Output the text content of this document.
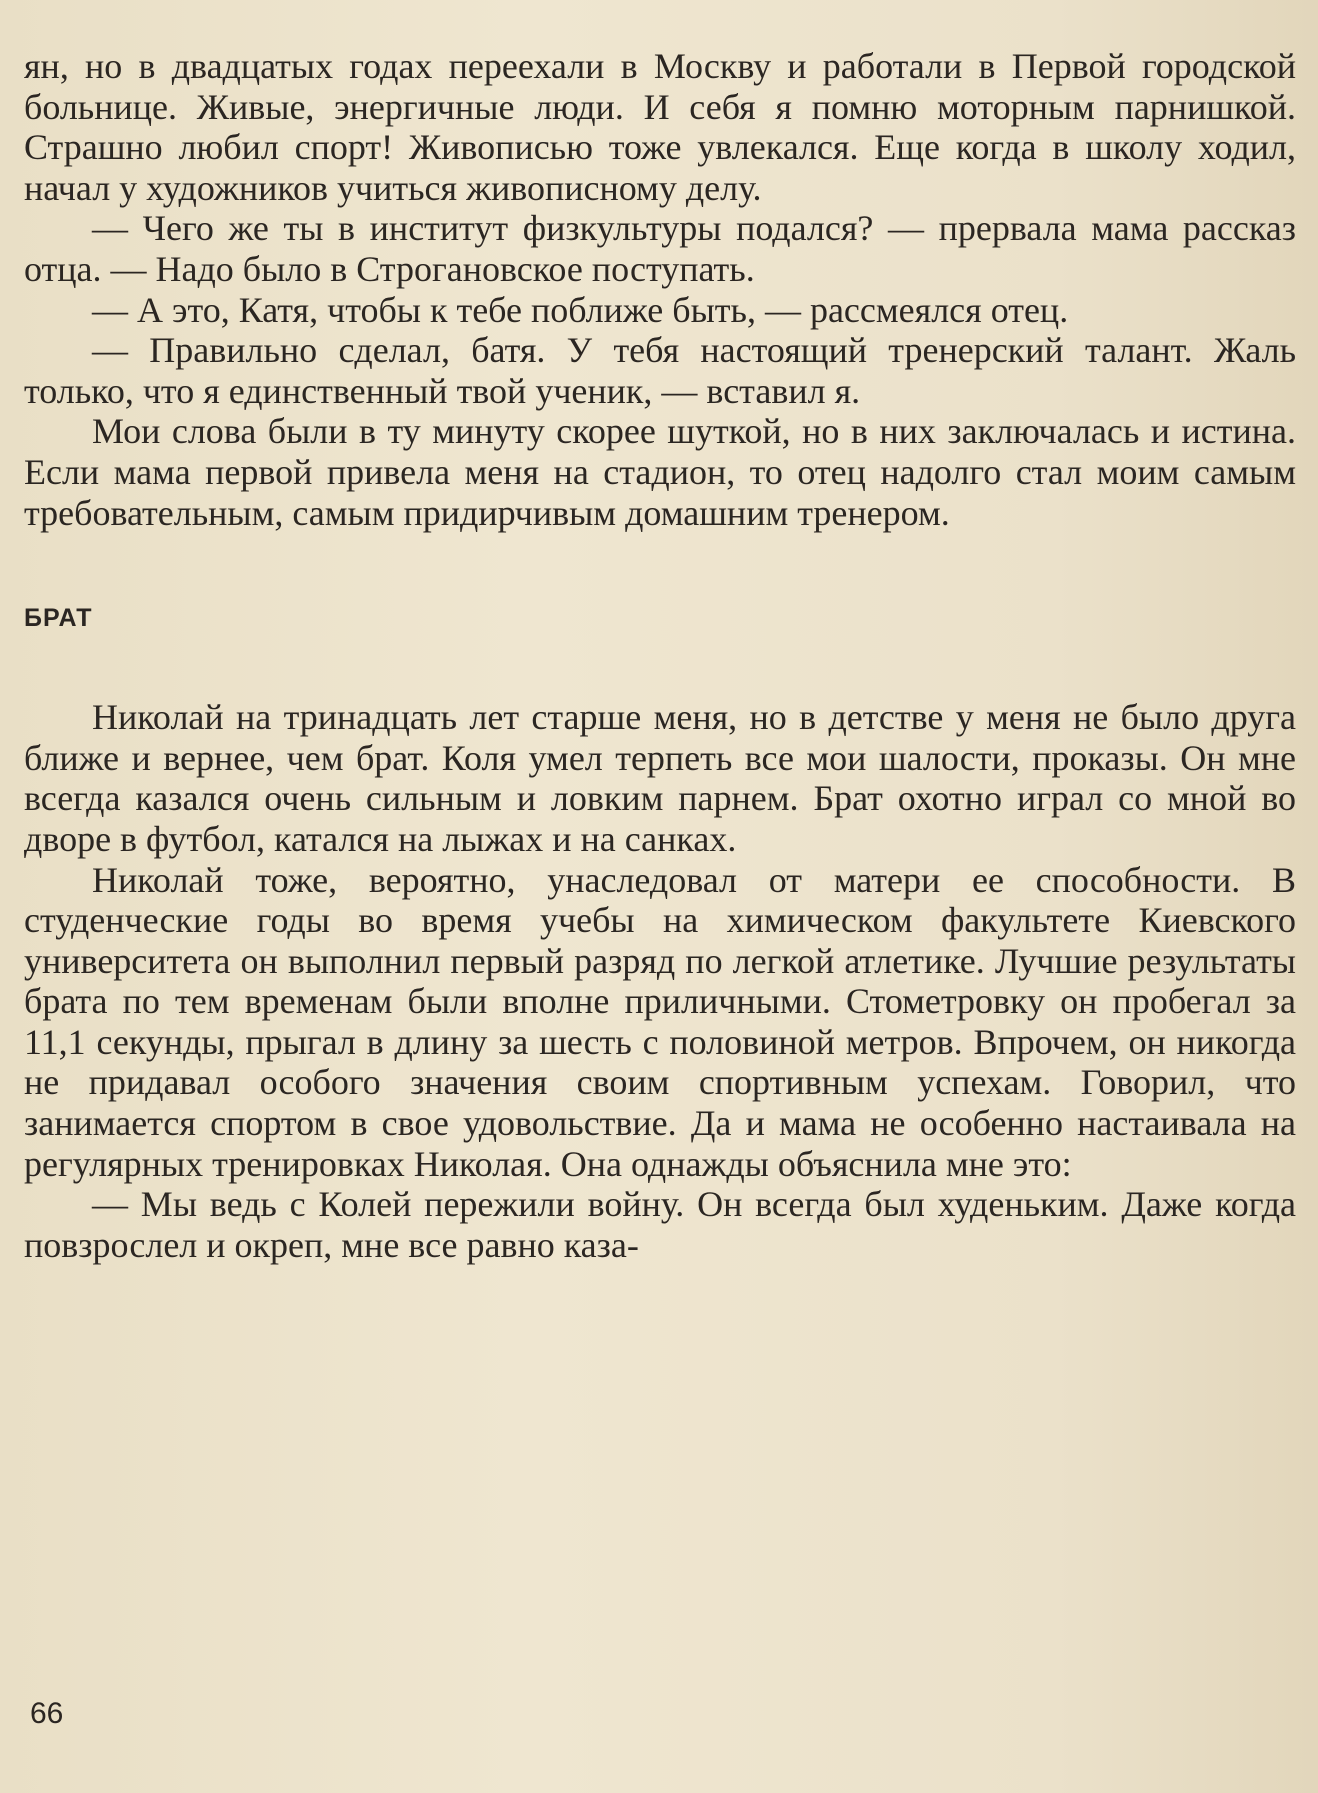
ян, но в двадцатых годах переехали в Москву и работали в Первой городской больнице. Живые, энергичные люди. И себя я помню моторным парнишкой. Страшно любил спорт! Живописью тоже увлекался. Еще когда в школу ходил, начал у художников учиться живописному делу.

— Чего же ты в институт физкультуры подался? — прервала мама рассказ отца. — Надо было в Строгановское поступать.

— А это, Катя, чтобы к тебе поближе быть, — рассмеялся отец.

— Правильно сделал, батя. У тебя настоящий тренерский талант. Жаль только, что я единственный твой ученик, — вставил я.

Мои слова были в ту минуту скорее шуткой, но в них заключалась и истина. Если мама первой привела меня на стадион, то отец надолго стал моим самым требовательным, самым придирчивым домашним тренером.

БРАТ

Николай на тринадцать лет старше меня, но в детстве у меня не было друга ближе и вернее, чем брат. Коля умел терпеть все мои шалости, проказы. Он мне всегда казался очень сильным и ловким парнем. Брат охотно играл со мной во дворе в футбол, катался на лыжах и на санках.

Николай тоже, вероятно, унаследовал от матери ее способности. В студенческие годы во время учебы на химическом факультете Киевского университета он выполнил первый разряд по легкой атлетике. Лучшие результаты брата по тем временам были вполне приличными. Стометровку он пробегал за 11,1 секунды, прыгал в длину за шесть с половиной метров. Впрочем, он никогда не придавал особого значения своим спортивным успехам. Говорил, что занимается спортом в свое удовольствие. Да и мама не особенно настаивала на регулярных тренировках Николая. Она однажды объяснила мне это:

— Мы ведь с Колей пережили войну. Он всегда был худеньким. Даже когда повзрослел и окреп, мне все равно каза-

66
